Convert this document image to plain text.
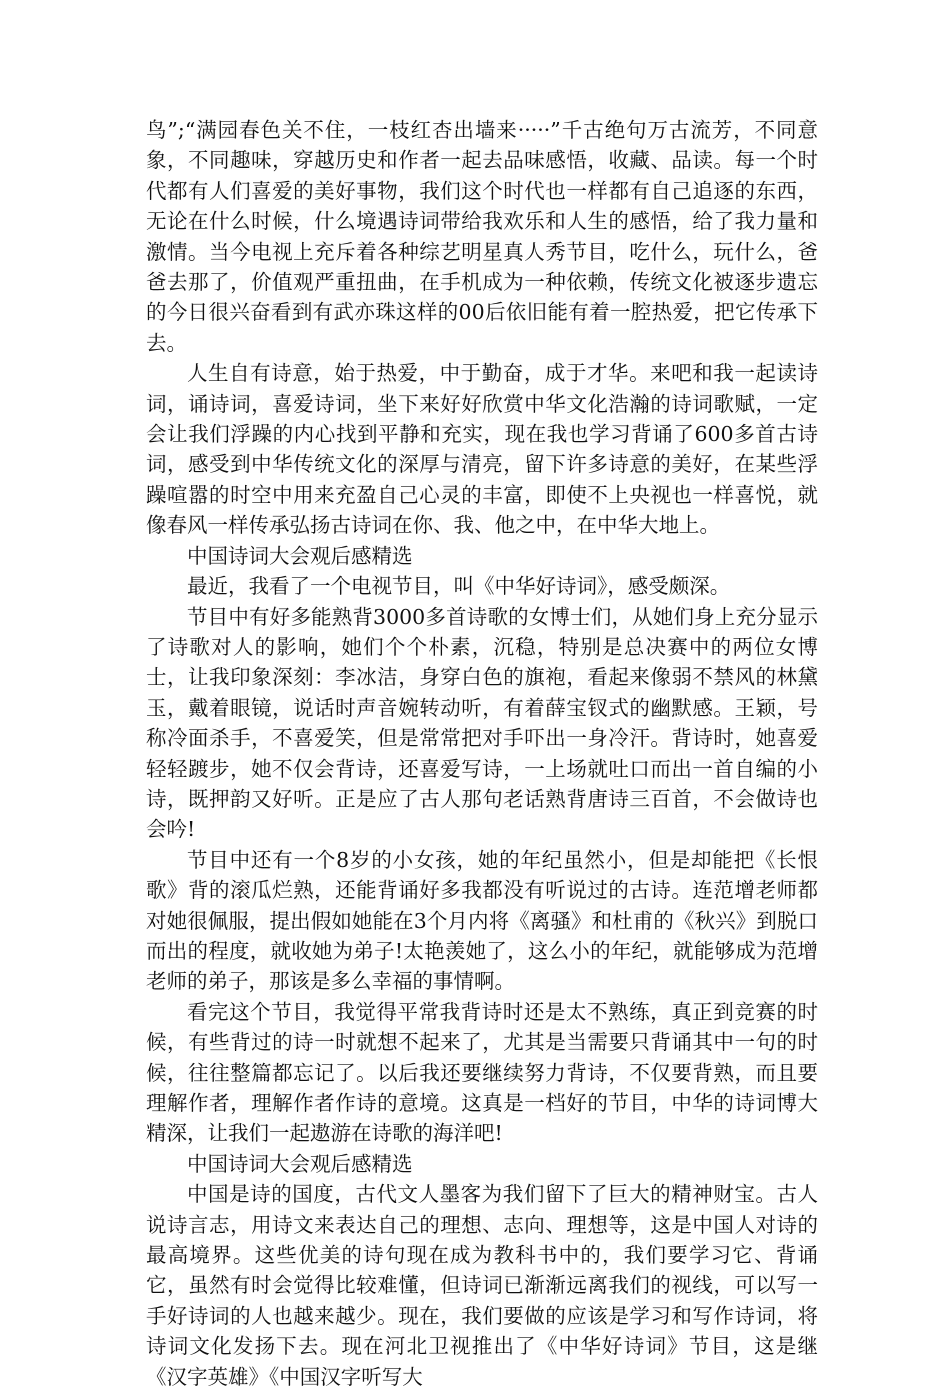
鸟”;“满园春色关不住，一枝红杏出墙来·····”千古绝句万古流芳，不同意象，不同趣味，穿越历史和作者一起去品味感悟，收藏、品读。每一个时代都有人们喜爱的美好事物，我们这个时代也一样都有自己追逐的东西，无论在什么时候，什么境遇诗词带给我欢乐和人生的感悟，给了我力量和激情。当今电视上充斥着各种综艺明星真人秀节目，吃什么，玩什么，爸爸去那了，价值观严重扭曲，在手机成为一种依赖，传统文化被逐步遗忘的今日很兴奋看到有武亦珠这样的00后依旧能有着一腔热爱，把它传承下去。

人生自有诗意，始于热爱，中于勤奋，成于才华。来吧和我一起读诗词，诵诗词，喜爱诗词，坐下来好好欣赏中华文化浩瀚的诗词歌赋，一定会让我们浮躁的内心找到平静和充实，现在我也学习背诵了600多首古诗词，感受到中华传统文化的深厚与清亮，留下许多诗意的美好，在某些浮躁喧嚣的时空中用来充盈自己心灵的丰富，即使不上央视也一样喜悦，就像春风一样传承弘扬古诗词在你、我、他之中，在中华大地上。

中国诗词大会观后感精选

最近，我看了一个电视节目，叫《中华好诗词》，感受颇深。

节目中有好多能熟背3000多首诗歌的女博士们，从她们身上充分显示了诗歌对人的影响，她们个个朴素，沉稳，特别是总决赛中的两位女博士，让我印象深刻：李冰洁，身穿白色的旗袍，看起来像弱不禁风的林黛玉，戴着眼镜，说话时声音婉转动听，有着薛宝钗式的幽默感。王颖，号称冷面杀手，不喜爱笑，但是常常把对手吓出一身冷汗。背诗时，她喜爱轻轻踱步，她不仅会背诗，还喜爱写诗，一上场就吐口而出一首自编的小诗，既押韵又好听。正是应了古人那句老话熟背唐诗三百首，不会做诗也会吟!

节目中还有一个8岁的小女孩，她的年纪虽然小，但是却能把《长恨歌》背的滚瓜烂熟，还能背诵好多我都没有听说过的古诗。连范增老师都对她很佩服，提出假如她能在3个月内将《离骚》和杜甫的《秋兴》到脱口而出的程度，就收她为弟子!太艳羡她了，这么小的年纪，就能够成为范增老师的弟子，那该是多么幸福的事情啊。

看完这个节目，我觉得平常我背诗时还是太不熟练，真正到竞赛的时候，有些背过的诗一时就想不起来了，尤其是当需要只背诵其中一句的时候，往往整篇都忘记了。以后我还要继续努力背诗，不仅要背熟，而且要理解作者，理解作者作诗的意境。这真是一档好的节目，中华的诗词博大精深，让我们一起遨游在诗歌的海洋吧!

中国诗词大会观后感精选

中国是诗的国度，古代文人墨客为我们留下了巨大的精神财宝。古人说诗言志，用诗文来表达自己的理想、志向、理想等，这是中国人对诗的最高境界。这些优美的诗句现在成为教科书中的，我们要学习它、背诵它，虽然有时会觉得比较难懂，但诗词已渐渐远离我们的视线，可以写一手好诗词的人也越来越少。现在，我们要做的应该是学习和写作诗词，将诗词文化发扬下去。现在河北卫视推出了《中华好诗词》节目，这是继《汉字英雄》《中国汉字听写大
